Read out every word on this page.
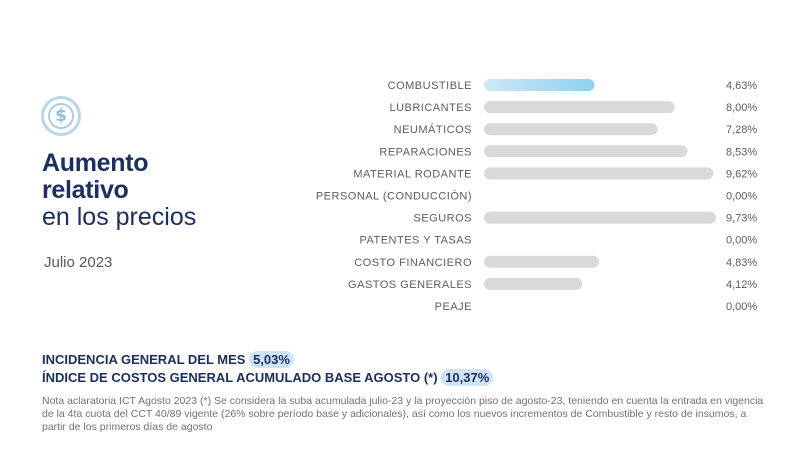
$
Aumento
relativo
en los precios
Julio 2023
COMBUSTIBLE	4,63%
LUBRICANTES	8,00%
NEUMÁTICOS	7,28%
REPARACIONES	8,53%
MATERIAL RODANTE	9,62%
PERSONAL (CONDUCCIÓN)	0,00%
SEGUROS	9,73%
PATENTES Y TASAS	0,00%
COSTO FINANCIERO	4,83%
GASTOS GENERALES	4,12%
PEAJE	0,00%
INCIDENCIA GENERAL DEL MES 5,03%
ÍNDICE DE COSTOS GENERAL ACUMULADO BASE AGOSTO (*) 10,37%
Nota aclaratoria ICT Agosto 2023 (*) Se considera la suba acumulada julio-23 y la proyección piso de agosto-23, teniendo en cuenta la entrada en vigencia de la 4ta cuota del CCT 40/89 vigente (26% sobre período base y adicionales), así como los nuevos incrementos de Combustible y resto de insumos, a partir de los primeros días de agosto
